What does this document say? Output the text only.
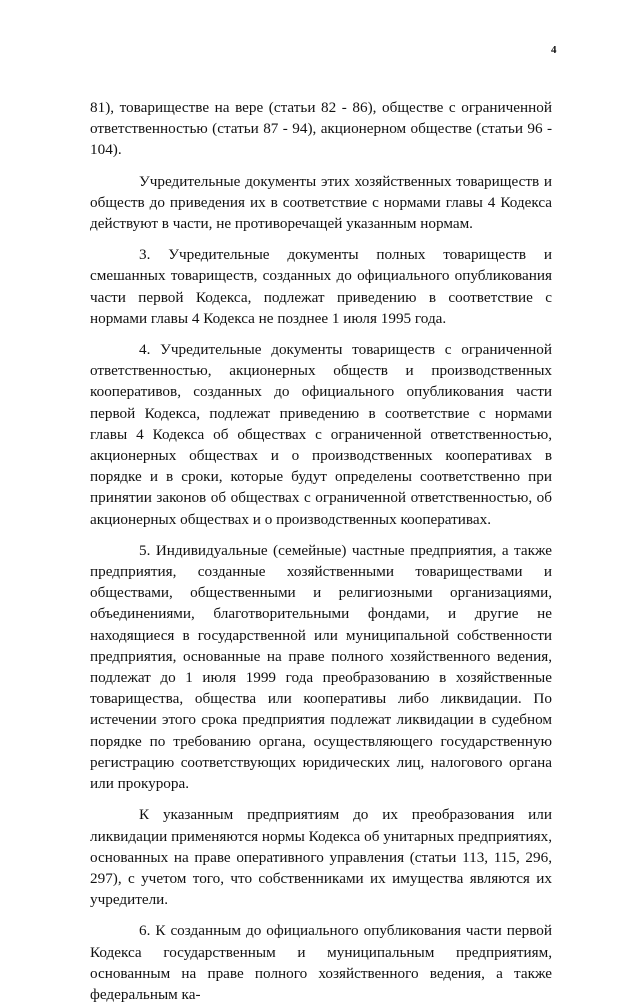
4

81), товариществе на вере (статьи 82 - 86), обществе с ограниченной ответственностью (статьи 87 - 94), акционерном обществе (статьи 96 - 104).

Учредительные документы этих хозяйственных товариществ и обществ до приведения их в соответствие с нормами главы 4 Кодекса действуют в части, не противоречащей указанным нормам.

3. Учредительные документы полных товариществ и смешанных товариществ, созданных до официального опубликования части первой Кодекса, подлежат приведению в соответствие с нормами главы 4 Кодекса не позднее 1 июля 1995 года.

4. Учредительные документы товариществ с ограниченной ответственностью, акционерных обществ и производственных кооперативов, созданных до официального опубликования части первой Кодекса, подлежат приведению в соответствие с нормами главы 4 Кодекса об обществах с ограниченной ответственностью, акционерных обществах и о производственных кооперативах в порядке и в сроки, которые будут определены соответственно при принятии законов об обществах с ограниченной ответственностью, об акционерных обществах и о производственных кооперативах.

5. Индивидуальные (семейные) частные предприятия, а также предприятия, созданные хозяйственными товариществами и обществами, общественными и религиозными организациями, объединениями, благотворительными фондами, и другие не находящиеся в государственной или муниципальной собственности предприятия, основанные на праве полного хозяйственного ведения, подлежат до 1 июля 1999 года преобразованию в хозяйственные товарищества, общества или кооперативы либо ликвидации. По истечении этого срока предприятия подлежат ликвидации в судебном порядке по требованию органа, осуществляющего государственную регистрацию соответствующих юридических лиц, налогового органа или прокурора.

К указанным предприятиям до их преобразования или ликвидации применяются нормы Кодекса об унитарных предприятиях, основанных на праве оперативного управления (статьи 113, 115, 296, 297), с учетом того, что собственниками их имущества являются их учредители.

6. К созданным до официального опубликования части первой Кодекса государственным и муниципальным предприятиям, основанным на праве полного хозяйственного ведения, а также федеральным ка-
